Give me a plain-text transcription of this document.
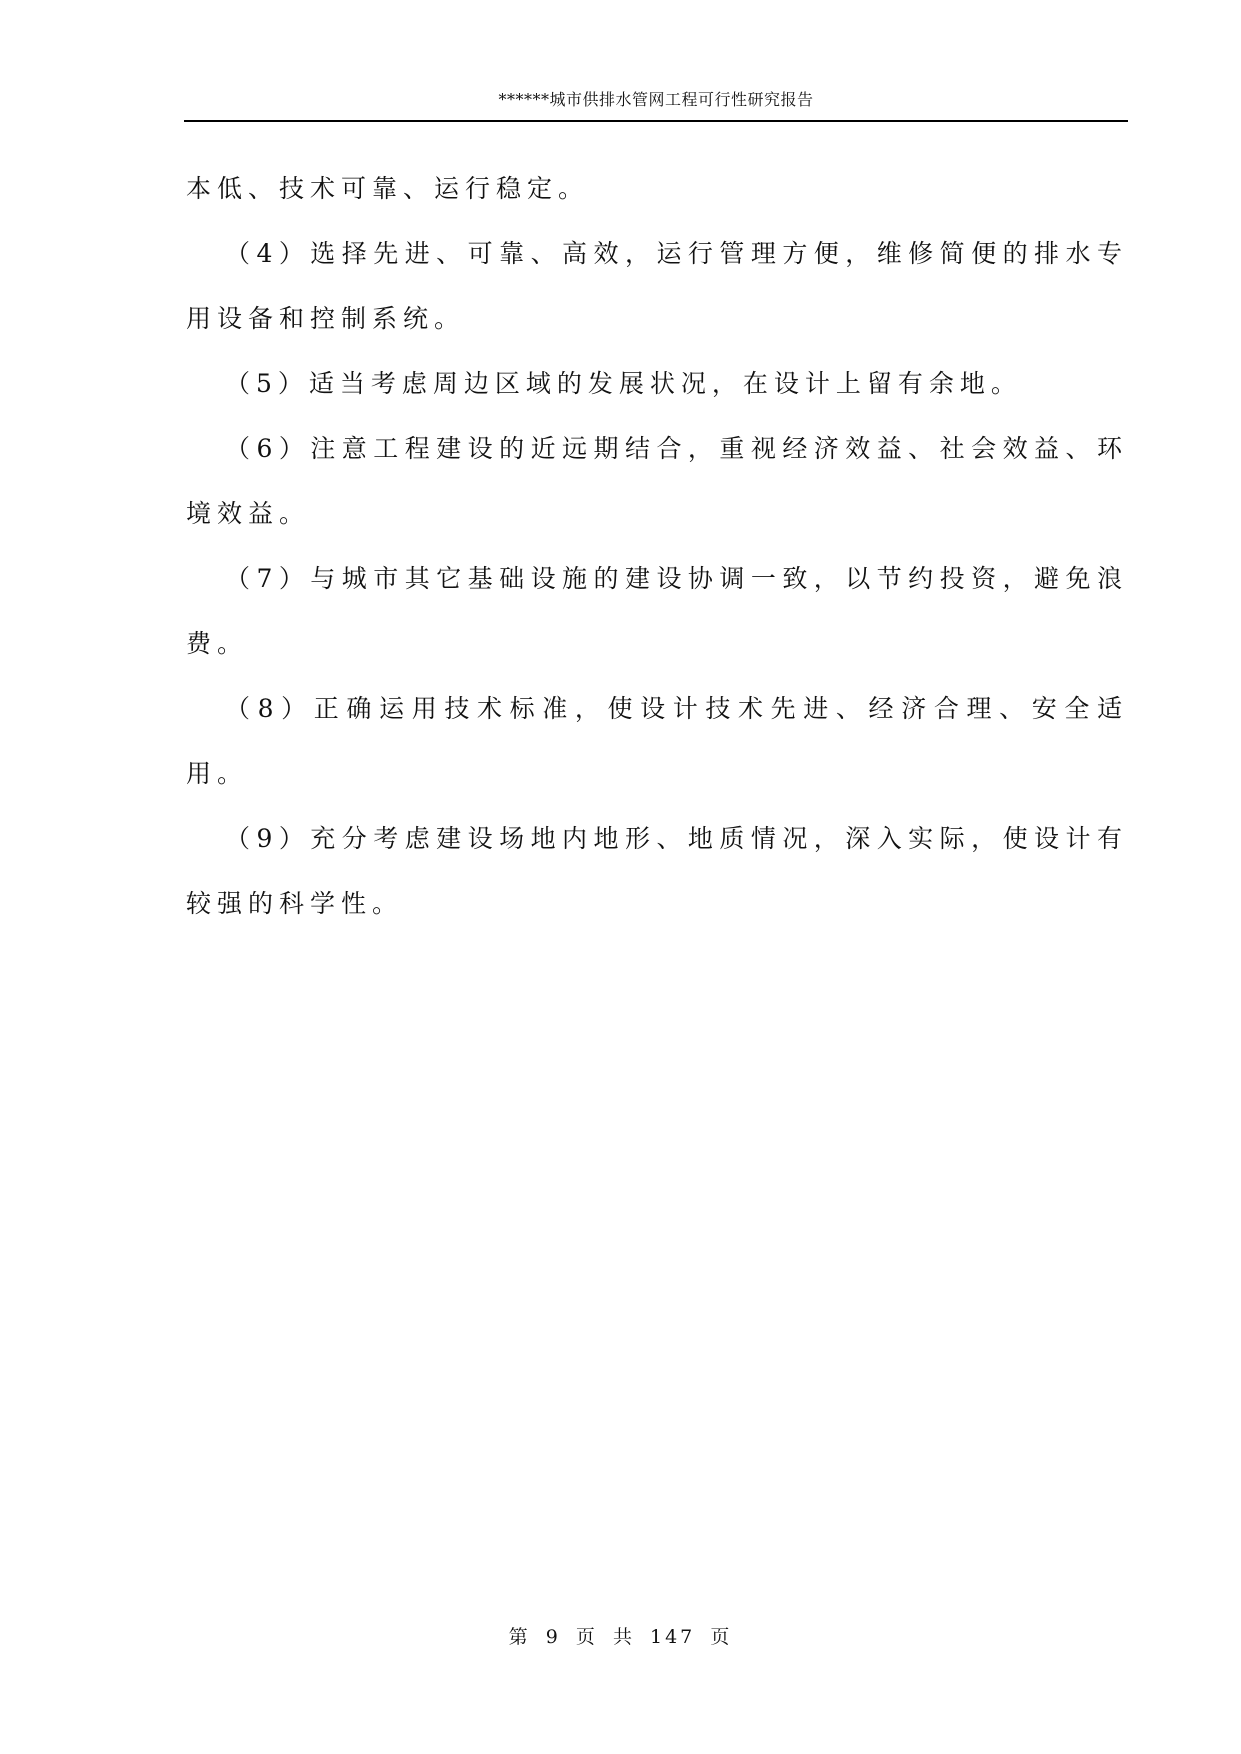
******城市供排水管网工程可行性研究报告

本低、技术可靠、运行稳定。

（4）选择先进、可靠、高效，运行管理方便，维修简便的排水专用设备和控制系统。

（5）适当考虑周边区域的发展状况，在设计上留有余地。

（6）注意工程建设的近远期结合，重视经济效益、社会效益、环境效益。

（7）与城市其它基础设施的建设协调一致，以节约投资，避免浪费。

（8）正确运用技术标准，使设计技术先进、经济合理、安全适用。

（9）充分考虑建设场地内地形、地质情况，深入实际，使设计有较强的科学性。

第 9 页 共 147 页
